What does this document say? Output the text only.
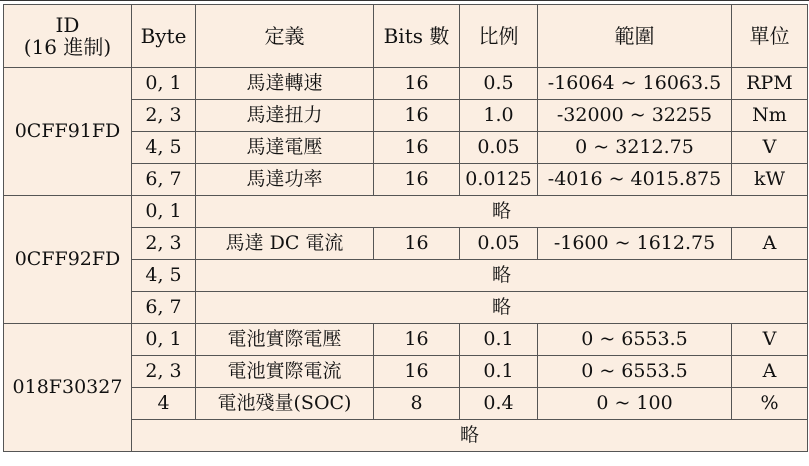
ID
(16 進制)	Byte	定義	Bits 數	比例	範圍	單位
0CFF91FD	0, 1	馬達轉速	16	0.5	-16064 ~ 16063.5	RPM
	2, 3	馬達扭力	16	1.0	-32000 ~ 32255	Nm
	4, 5	馬達電壓	16	0.05	0 ~ 3212.75	V
	6, 7	馬達功率	16	0.0125	-4016 ~ 4015.875	kW
0CFF92FD	0, 1	略				
	2, 3	馬達 DC 電流	16	0.05	-1600 ~ 1612.75	A
	4, 5	略				
	6, 7	略				
018F30327	0, 1	電池實際電壓	16	0.1	0 ~ 6553.5	V
	2, 3	電池實際電流	16	0.1	0 ~ 6553.5	A
	4	電池殘量(SOC)	8	0.4	0 ~ 100	%
	略					
